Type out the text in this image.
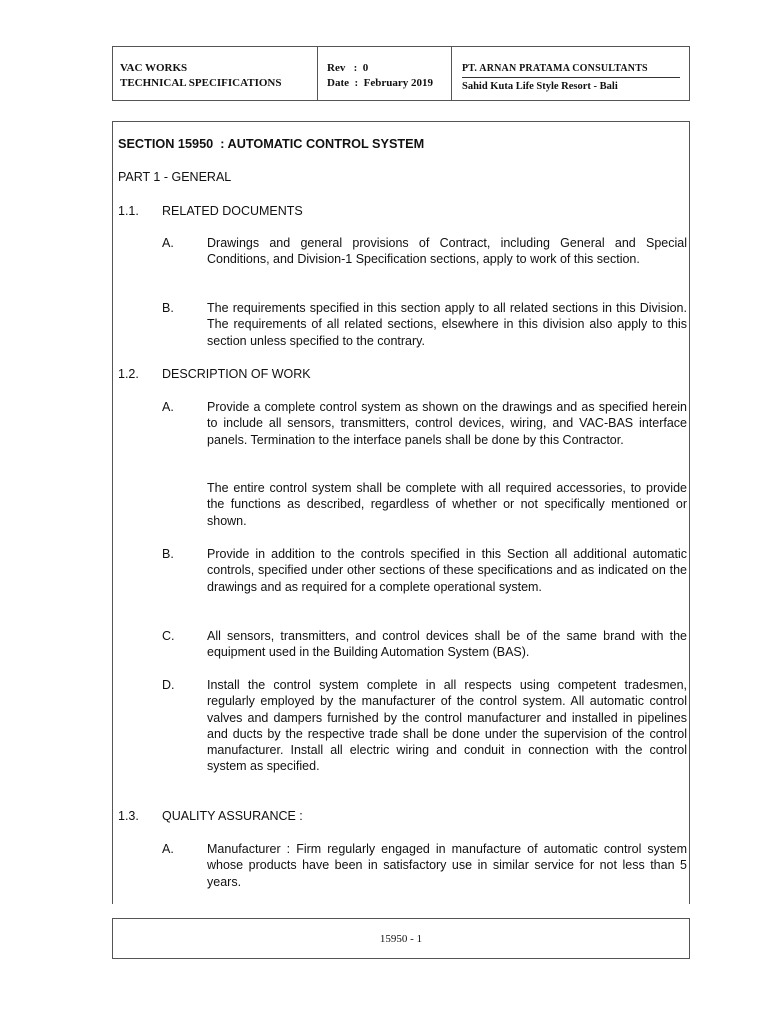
VAC WORKS
TECHNICAL SPECIFICATIONS
Rev   :  0
Date  :  February 2019
PT. ARNAN PRATAMA CONSULTANTS
Sahid Kuta Life Style Resort - Bali
SECTION 15950  : AUTOMATIC CONTROL SYSTEM
PART 1 - GENERAL
1.1. RELATED DOCUMENTS
A.	Drawings and general provisions of Contract, including General and Special Conditions, and Division-1 Specification sections, apply to work of this section.
B.	The requirements specified in this section apply to all related sections in this Division. The requirements of all related sections, elsewhere in this division also apply to this section unless specified to the contrary.
1.2. DESCRIPTION OF WORK
A.	Provide a complete control system as shown on the drawings and as specified herein to include all sensors, transmitters, control devices, wiring, and VAC-BAS interface panels. Termination to the interface panels shall be done by this Contractor.
The entire control system shall be complete with all required accessories, to provide the functions as described, regardless of whether or not specifically mentioned or shown.
B.	Provide in addition to the controls specified in this Section all additional automatic controls, specified under other sections of these specifications and as indicated on the drawings and as required for a complete operational system.
C.	All sensors, transmitters, and control devices shall be of the same brand with the equipment used in the Building Automation System (BAS).
D.	Install the control system complete in all respects using competent tradesmen, regularly employed by the manufacturer of the control system. All automatic control valves and dampers furnished by the control manufacturer and installed in pipelines and ducts by the respective trade shall be done under the supervision of the control manufacturer. Install all electric wiring and conduit in connection with the control system as specified.
1.3. QUALITY ASSURANCE :
A.	Manufacturer : Firm regularly engaged in manufacture of automatic control system whose products have been in satisfactory use in similar service for not less than 5 years.
15950 - 1
